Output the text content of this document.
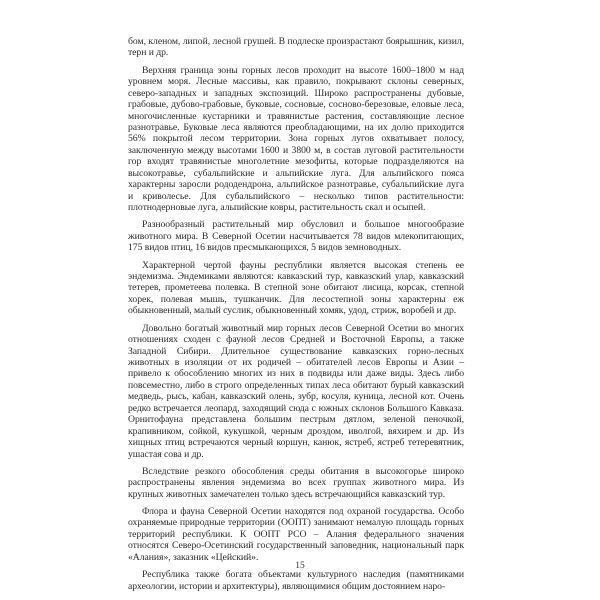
бом, кленом, липой, лесной грушей. В подлеске произрастают боярышник, кизил, терн и др.

Верхняя граница зоны горных лесов проходит на высоте 1600–1800 м над уровнем моря. Лесные массивы, как правило, покрывают склоны северных, северо-западных и западных экспозиций. Широко распространены дубовые, грабовые, дубово-грабовые, буковые, сосновые, сосново-березовые, еловые леса, многочисленные кустарники и травянистые растения, составляющие лесное разнотравье. Буковые леса являются преобладающими, на их долю приходится 56% покрытой лесом территории. Зона горных лугов охватывает полосу, заключенную между высотами 1600 и 3800 м, в состав луговой растительности гор входят травянистые многолетние мезофиты, которые подразделяются на высокотравье, субальпийские и альпийские луга. Для альпийского пояса характерны заросли рододендрона, альпийское разнотравье, субальпийские луга и криволесье. Для субальпийского – несколько типов растительности: плотнодерновые луга, альпийские ковры, растительность скал и осыпей.

Разнообразный растительный мир обусловил и большое многообразие животного мира. В Северной Осетии насчитывается 78 видов млекопитающих, 175 видов птиц, 16 видов пресмыкающихся, 5 видов земноводных.

Характерной чертой фауны республики является высокая степень ее эндемизма. Эндемиками являются: кавказский тур, кавказский улар, кавказский тетерев, прометеева полевка. В степной зоне обитают лисица, корсак, степной хорек, полевая мышь, тушканчик. Для лесостепной зоны характерны еж обыкновенный, малый суслик, обыкновенный хомяк, удод, стриж, воробей и др.

Довольно богатый животный мир горных лесов Северной Осетии во многих отношениях сходен с фауной лесов Средней и Восточной Европы, а также Западной Сибири. Длительное существование кавказских горно-лесных животных в изоляции от их родичей – обитателей лесов Европы и Азии – привело к обособлению многих из них в подвиды или даже виды. Здесь либо повсеместно, либо в строго определенных типах леса обитают бурый кавказский медведь, рысь, кабан, кавказский олень, зубр, косуля, куница, лесной кот. Очень редко встречается леопард, заходящий сюда с южных склонов Большого Кавказа. Орнитофауна представлена большим пестрым дятлом, зеленой пеночкой, крапивником, сойкой, кукушкой, черным дроздом, иволгой, вяхирем и др. Из хищных птиц встречаются черный коршун, канюк, ястреб, ястреб тетеревятник, ушастая сова и др.

Вследствие резкого обособления среды обитания в высокогорье широко распространены явления эндемизма во всех группах животного мира. Из крупных животных замечателен только здесь встречающийся кавказский тур.

Флора и фауна Северной Осетии находятся под охраной государства. Особо охраняемые природные территории (ООПТ) занимают немалую площадь горных территорий республики. К ООПТ РСО – Алания федерального значения относятся Северо-Осетинский государственный заповедник, национальный парк «Алания», заказник «Цейский».

Республика также богата объектами культурного наследия (памятниками археологии, истории и архитектуры), являющимися общим достоянием наро-

15
